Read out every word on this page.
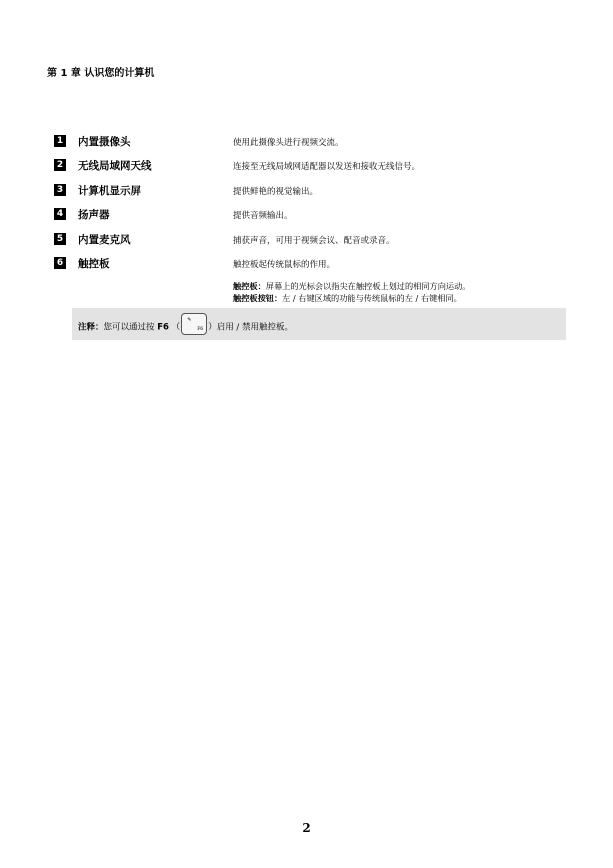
第 1 章 认识您的计算机
1 内置摄像头	使用此摄像头进行视频交流。
2 无线局域网天线	连接至无线局域网适配器以发送和接收无线信号。
3 计算机显示屏	提供鲜艳的视觉输出。
4 扬声器	提供音频输出。
5 内置麦克风	捕获声音，可用于视频会议、配音或录音。
6 触控板	触控板起传统鼠标的作用。
触控板：屏幕上的光标会以指尖在触控板上划过的相同方向运动。
触控板按钮：左 / 右键区域的功能与传统鼠标的左 / 右键相同。
注释：您可以通过按 F6 （
✎
F6 ）启用 / 禁用触控板。
2
